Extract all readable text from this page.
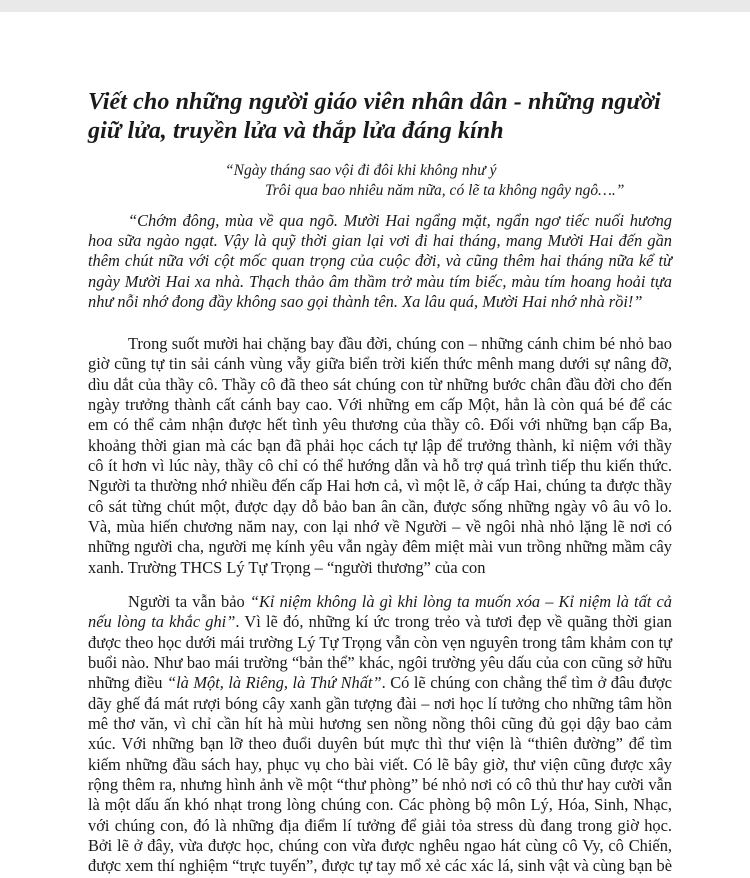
Viết cho những người giáo viên nhân dân - những người giữ lửa, truyền lửa và thắp lửa đáng kính
“Ngày tháng sao vội đi đôi khi không như ý
Trôi qua bao nhiêu năm nữa, có lẽ ta không ngây ngô….”

“Chớm đông, mùa về qua ngõ. Mười Hai ngẩng mặt, ngẩn ngơ tiếc nuối hương hoa sữa ngào ngạt. Vậy là quỹ thời gian lại vơi đi hai tháng, mang Mười Hai đến gần thêm chút nữa với cột mốc quan trọng của cuộc đời, và cũng thêm hai tháng nữa kể từ ngày Mười Hai xa nhà. Thạch thảo âm thầm trở màu tím biếc, màu tím hoang hoải tựa như nỗi nhớ đong đầy không sao gọi thành tên. Xa lâu quá, Mười Hai nhớ nhà rồi!”

Trong suốt mười hai chặng bay đầu đời, chúng con – những cánh chim bé nhỏ bao giờ cũng tự tin sải cánh vùng vẫy giữa biển trời kiến thức mênh mang dưới sự nâng đỡ, dìu dắt của thầy cô. Thầy cô đã theo sát chúng con từ những bước chân đầu đời cho đến ngày trưởng thành cất cánh bay cao. Với những em cấp Một, hẳn là còn quá bé để các em có thể cảm nhận được hết tình yêu thương của thầy cô. Đối với những bạn cấp Ba, khoảng thời gian mà các bạn đã phải học cách tự lập để trưởng thành, kỉ niệm với thầy cô ít hơn vì lúc này, thầy cô chỉ có thể hướng dẫn và hỗ trợ quá trình tiếp thu kiến thức. Người ta thường nhớ nhiều đến cấp Hai hơn cả, vì một lẽ, ở cấp Hai, chúng ta được thầy cô sát từng chút một, được dạy dỗ bảo ban ân cần, được sống những ngày vô âu vô lo. Và, mùa hiến chương năm nay, con lại nhớ về Người – về ngôi nhà nhỏ lặng lẽ nơi có những người cha, người mẹ kính yêu vẫn ngày đêm miệt mài vun trồng những mầm cây xanh. Trường THCS Lý Tự Trọng – “người thương” của con

Người ta vẫn bảo “Kỉ niệm không là gì khi lòng ta muốn xóa – Kỉ niệm là tất cả nếu lòng ta khắc ghi”. Vì lẽ đó, những kí ức trong trẻo và tươi đẹp về quãng thời gian được theo học dưới mái trường Lý Tự Trọng vẫn còn vẹn nguyên trong tâm khảm con tự buổi nào. Như bao mái trường “bản thể” khác, ngôi trường yêu dấu của con cũng sở hữu những điều “là Một, là Riêng, là Thứ Nhất”. Có lẽ chúng con chẳng thể tìm ở đâu được dãy ghế đá mát rượi bóng cây xanh gần tượng đài – nơi học lí tưởng cho những tâm hồn mê thơ văn, vì chỉ cần hít hà mùi hương sen nồng nồng thôi cũng đủ gọi dậy bao cảm xúc. Với những bạn lỡ theo đuổi duyên bút mực thì thư viện là “thiên đường” để tìm kiếm những đầu sách hay, phục vụ cho bài viết. Có lẽ bây giờ, thư viện cũng được xây rộng thêm ra, nhưng hình ảnh về một “thư phòng” bé nhỏ nơi có cô thủ thư hay cười vẫn là một dấu ấn khó nhạt trong lòng chúng con. Các phòng bộ môn Lý, Hóa, Sinh, Nhạc, với chúng con, đó là những địa điểm lí tưởng để giải tỏa stress dù đang trong giờ học. Bởi lẽ ở đây, vừa được học, chúng con vừa được nghêu ngao hát cùng cô Vy, cô Chiến, được xem thí nghiệm “trực tuyến”, được tự tay mổ xẻ các xác lá, sinh vật và cùng bạn bè
